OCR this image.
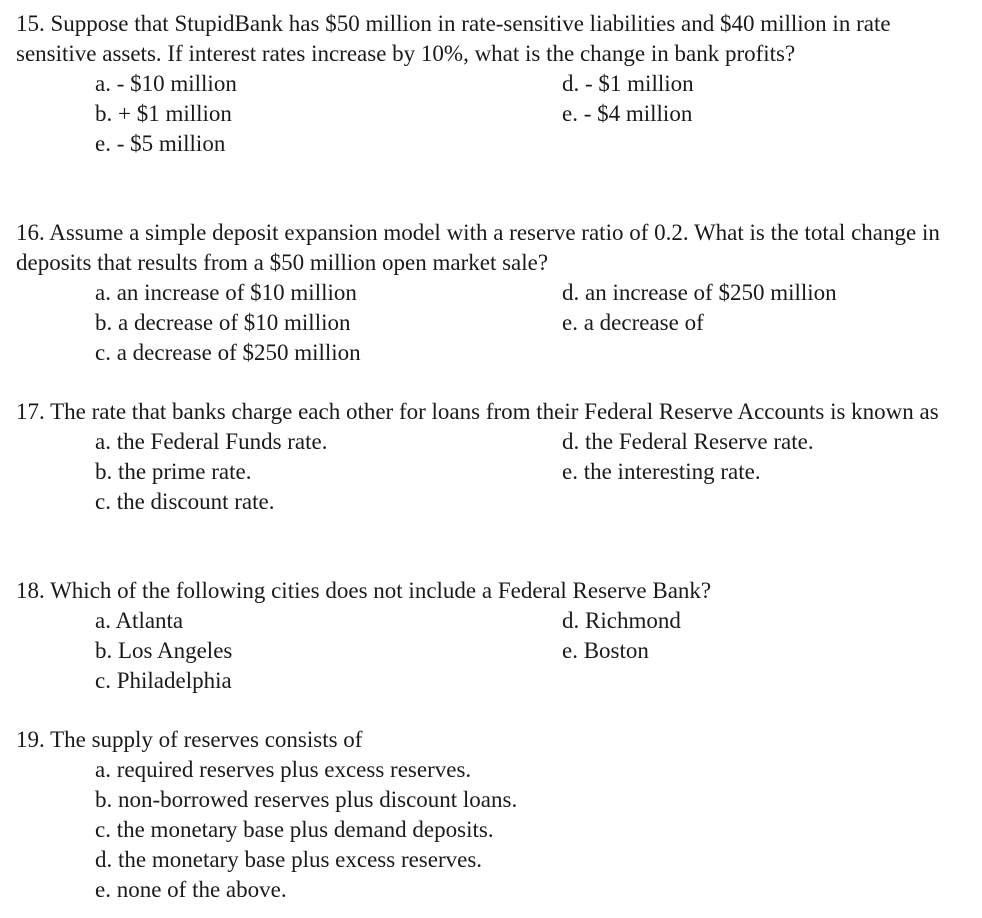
15. Suppose that StupidBank has $50 million in rate-sensitive liabilities and $40 million in rate sensitive assets. If interest rates increase by 10%, what is the change in bank profits?

a. - $10 million
b. + $1 million
e. - $5 million
d. - $1 million
e. - $4 million

16. Assume a simple deposit expansion model with a reserve ratio of 0.2. What is the total change in deposits that results from a $50 million open market sale?

a. an increase of $10 million
b. a decrease of $10 million
c. a decrease of $250 million
d. an increase of $250 million
e. a decrease of

17. The rate that banks charge each other for loans from their Federal Reserve Accounts is known as

a. the Federal Funds rate.
b. the prime rate.
c. the discount rate.
d. the Federal Reserve rate.
e. the interesting rate.

18. Which of the following cities does not include a Federal Reserve Bank?

a. Atlanta
b. Los Angeles
c. Philadelphia
d. Richmond
e. Boston

19. The supply of reserves consists of

a. required reserves plus excess reserves.
b. non-borrowed reserves plus discount loans.
c. the monetary base plus demand deposits.
d. the monetary base plus excess reserves.
e. none of the above.
